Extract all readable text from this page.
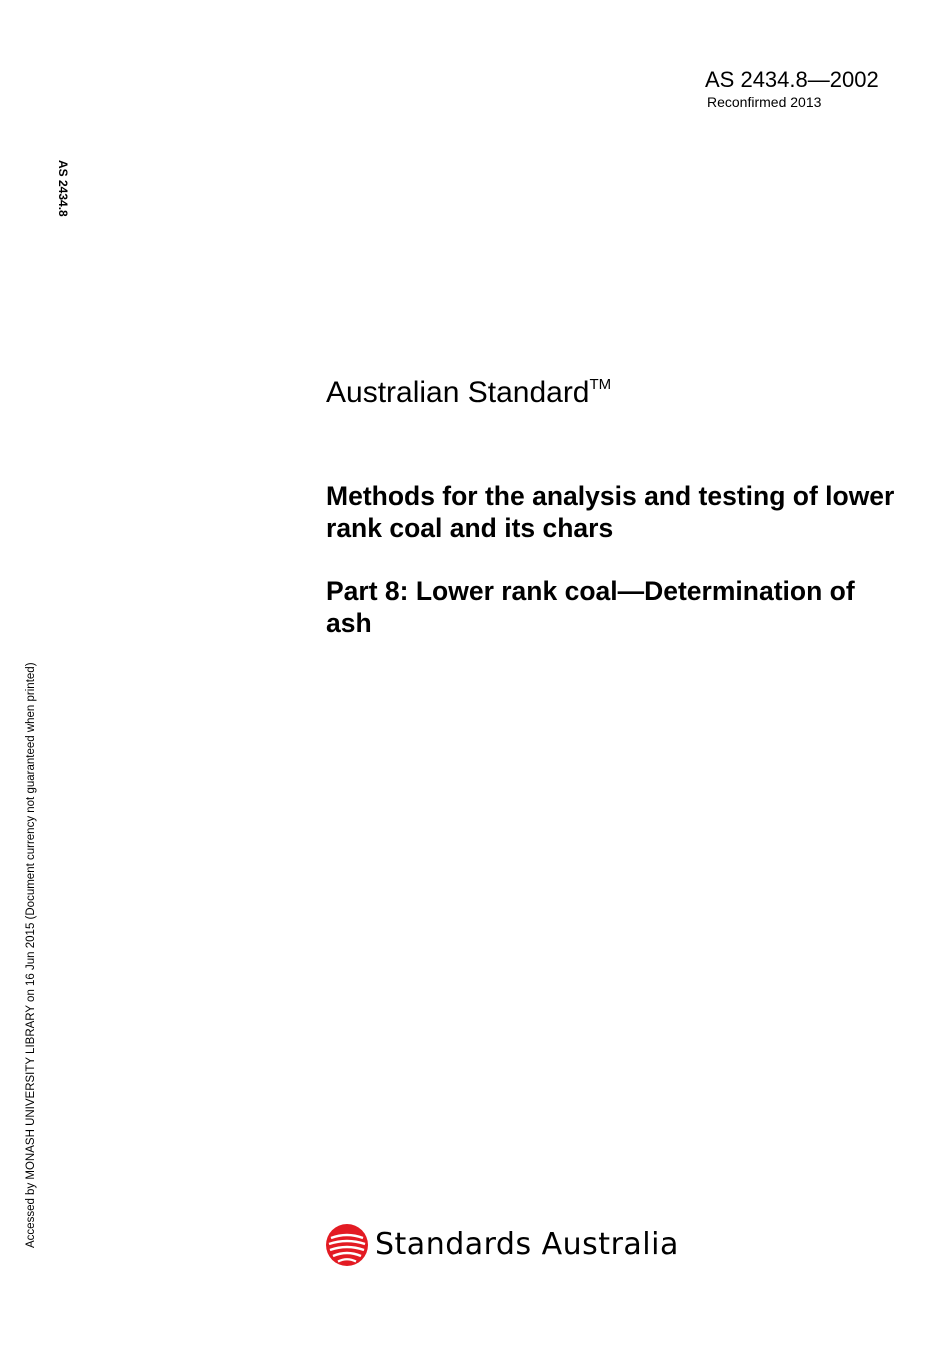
AS 2434.8—2002
Reconfirmed 2013
AS 2434.8
Accessed by MONASH UNIVERSITY LIBRARY on 16 Jun 2015 (Document currency not guaranteed when printed)
Australian Standard™
Methods for the analysis and testing of lower rank coal and its chars
Part 8: Lower rank coal—Determination of ash
Standards Australia
